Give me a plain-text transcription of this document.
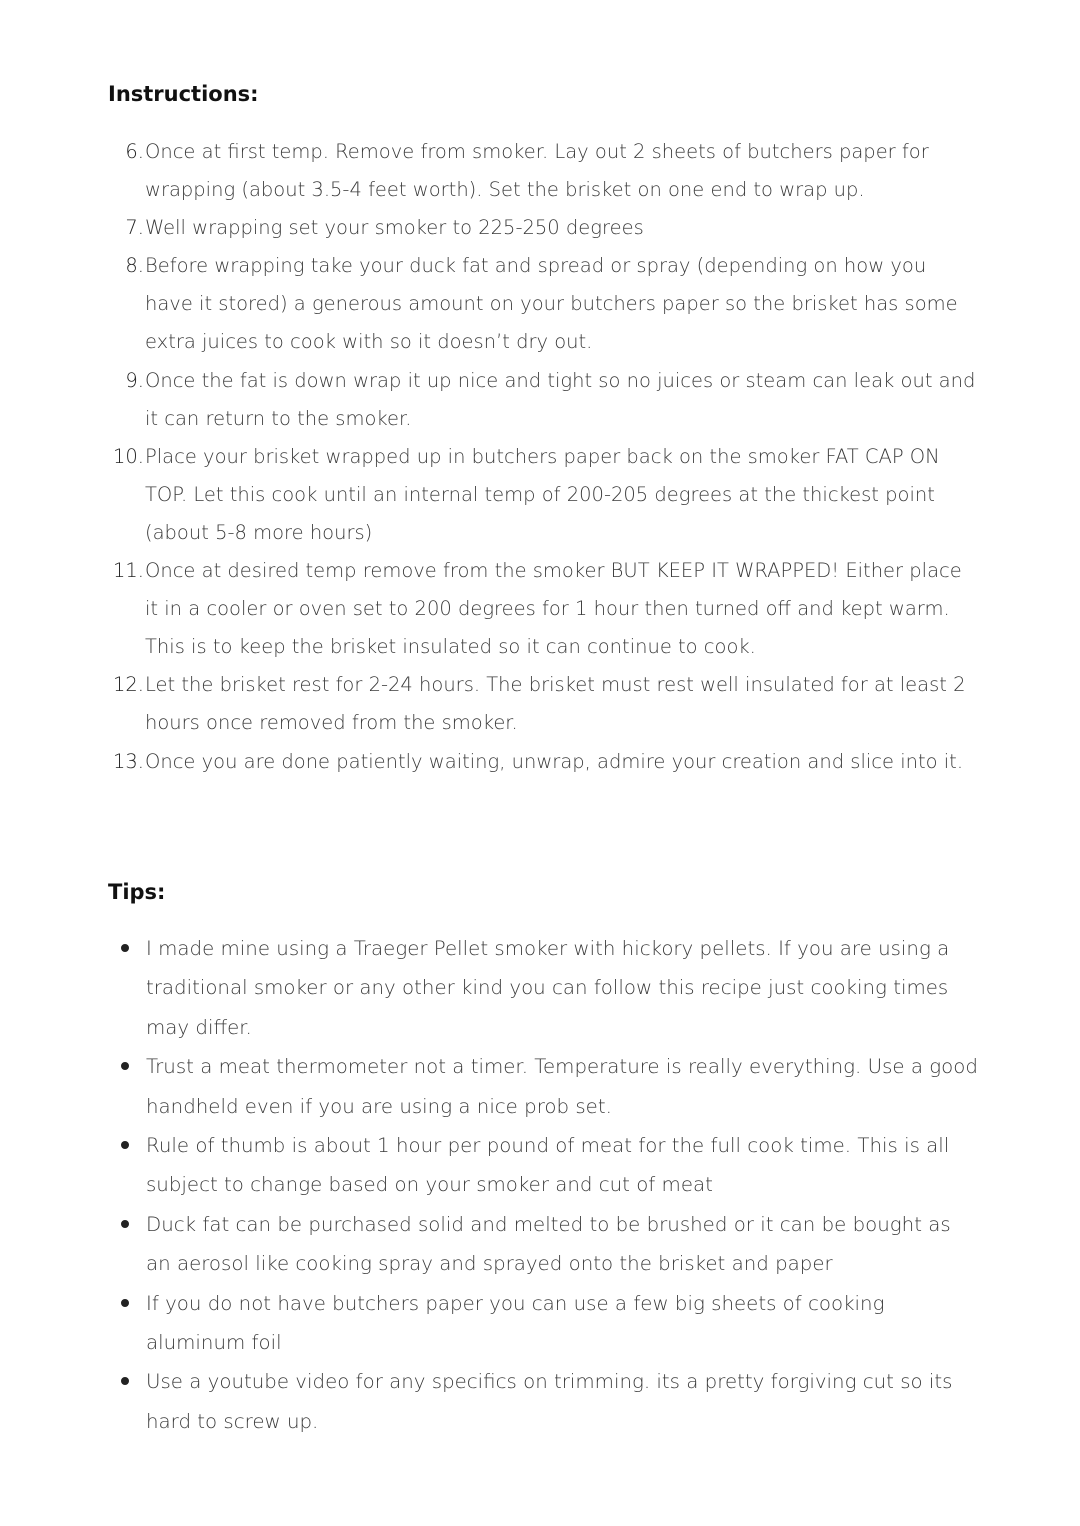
Instructions:
6. Once at first temp. Remove from smoker. Lay out 2 sheets of butchers paper for wrapping (about 3.5-4 feet worth). Set the brisket on one end to wrap up.
7. Well wrapping set your smoker to 225-250 degrees
8. Before wrapping take your duck fat and spread or spray (depending on how you have it stored) a generous amount on your butchers paper so the brisket has some extra juices to cook with so it doesn’t dry out.
9. Once the fat is down wrap it up nice and tight so no juices or steam can leak out and it can return to the smoker.
10. Place your brisket wrapped up in butchers paper back on the smoker FAT CAP ON TOP. Let this cook until an internal temp of 200-205 degrees at the thickest point (about 5-8 more hours)
11. Once at desired temp remove from the smoker BUT KEEP IT WRAPPED! Either place it in a cooler or oven set to 200 degrees for 1 hour then turned off and kept warm. This is to keep the brisket insulated so it can continue to cook.
12. Let the brisket rest for 2-24 hours. The brisket must rest well insulated for at least 2 hours once removed from the smoker.
13. Once you are done patiently waiting, unwrap, admire your creation and slice into it.
Tips:
I made mine using a Traeger Pellet smoker with hickory pellets. If you are using a traditional smoker or any other kind you can follow this recipe just cooking times may differ.
Trust a meat thermometer not a timer. Temperature is really everything. Use a good handheld even if you are using a nice prob set.
Rule of thumb is about 1 hour per pound of meat for the full cook time. This is all subject to change based on your smoker and cut of meat
Duck fat can be purchased solid and melted to be brushed or it can be bought as an aerosol like cooking spray and sprayed onto the brisket and paper
If you do not have butchers paper you can use a few big sheets of cooking aluminum foil
Use a youtube video for any specifics on trimming. its a pretty forgiving cut so its hard to screw up.
